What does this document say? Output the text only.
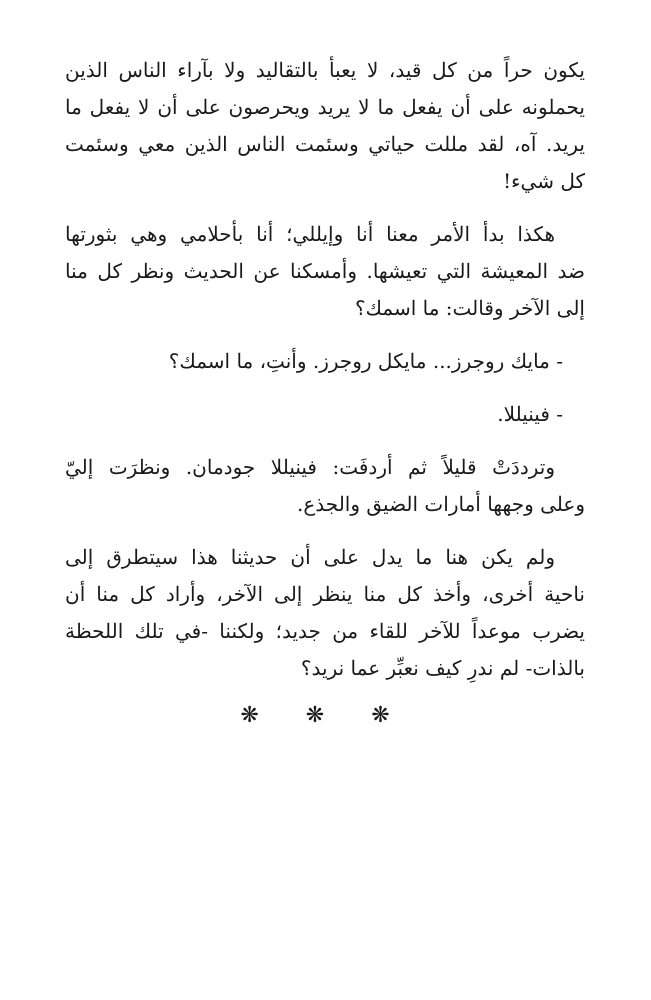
يكون حراً من كل قيد، لا يعبأ بالتقاليد ولا بآراء الناس الذين
يحملونه على أن يفعل ما لا يريد ويحرصون على أن لا يفعل ما
يريد. آه، لقد مللت حياتي وسئمت الناس الذين معي وسئمت
كل شيء!
هكذا بدأ الأمر معنا أنا وإيللي؛ أنا بأحلامي وهي بثورتها
ضد المعيشة التي تعيشها. وأمسكنا عن الحديث ونظر كل منا
إلى الآخر وقالت: ما اسمك؟
- مايك روجرز... مايكل روجرز. وأنتِ، ما اسمك؟
- فينيللا.
وترددَتْ قليلاً ثم أردفَت: فينيللا جودمان. ونظرَت إليّ
وعلى وجهها أمارات الضيق والجذع.
ولم يكن هنا ما يدل على أن حديثنا هذا سيتطرق إلى
ناحية أخرى، وأخذ كل منا ينظر إلى الآخر، وأراد كل منا أن
يضرب موعداً للآخر للقاء من جديد؛ ولكننا -في تلك اللحظة
بالذات- لم ندرِ كيف نعبِّر عما نريد؟
❋ ❋ ❋
